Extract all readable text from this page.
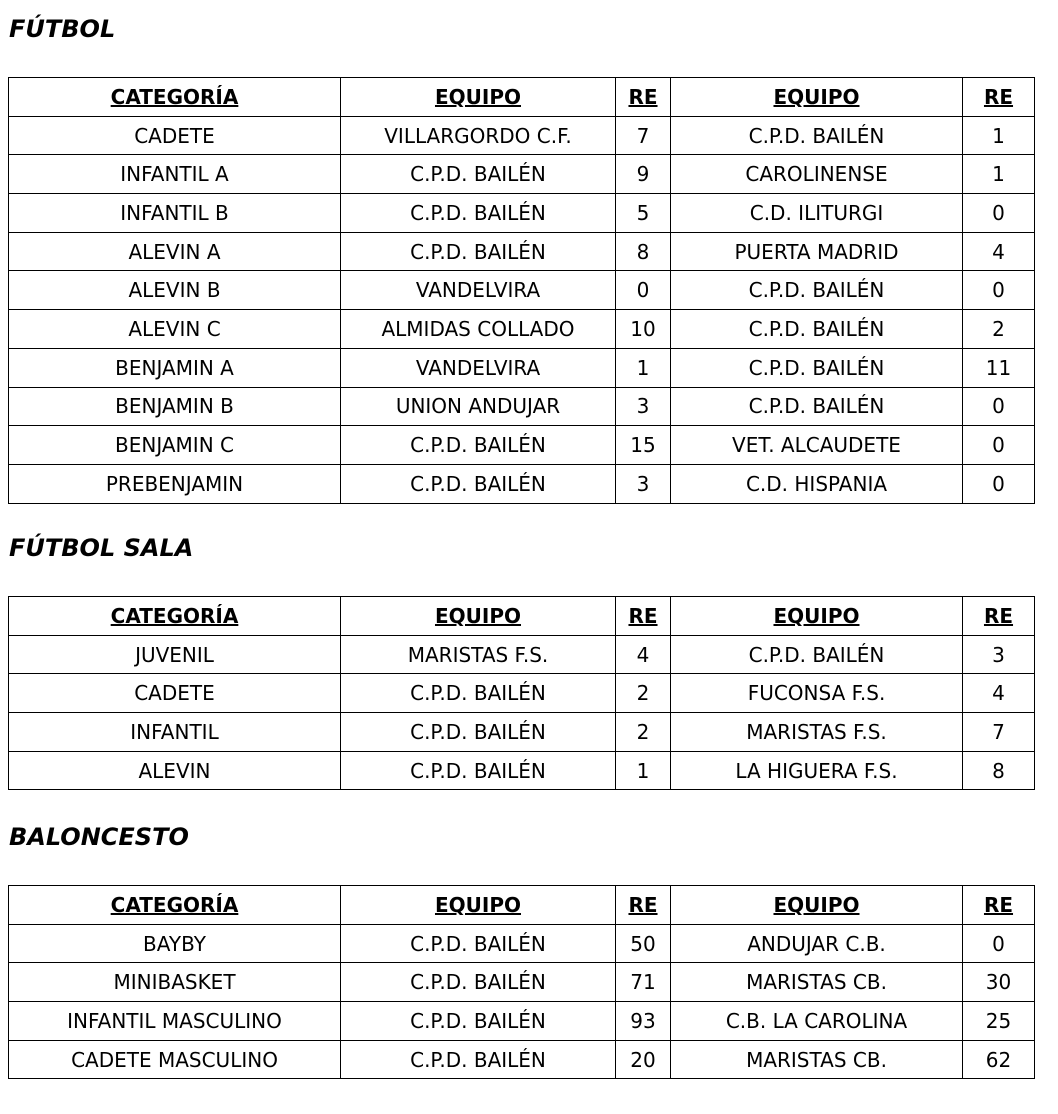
FÚTBOL
CATEGORÍA	EQUIPO	RE	EQUIPO	RE
CADETE	VILLARGORDO C.F.	7	C.P.D. BAILÉN	1
INFANTIL A	C.P.D. BAILÉN	9	CAROLINENSE	1
INFANTIL B	C.P.D. BAILÉN	5	C.D. ILITURGI	0
ALEVIN A	C.P.D. BAILÉN	8	PUERTA MADRID	4
ALEVIN B	VANDELVIRA	0	C.P.D. BAILÉN	0
ALEVIN C	ALMIDAS COLLADO	10	C.P.D. BAILÉN	2
BENJAMIN A	VANDELVIRA	1	C.P.D. BAILÉN	11
BENJAMIN B	UNION ANDUJAR	3	C.P.D. BAILÉN	0
BENJAMIN C	C.P.D. BAILÉN	15	VET. ALCAUDETE	0
PREBENJAMIN	C.P.D. BAILÉN	3	C.D. HISPANIA	0
FÚTBOL SALA
CATEGORÍA	EQUIPO	RE	EQUIPO	RE
JUVENIL	MARISTAS F.S.	4	C.P.D. BAILÉN	3
CADETE	C.P.D. BAILÉN	2	FUCONSA F.S.	4
INFANTIL	C.P.D. BAILÉN	2	MARISTAS F.S.	7
ALEVIN	C.P.D. BAILÉN	1	LA HIGUERA F.S.	8
BALONCESTO
CATEGORÍA	EQUIPO	RE	EQUIPO	RE
BAYBY	C.P.D. BAILÉN	50	ANDUJAR C.B.	0
MINIBASKET	C.P.D. BAILÉN	71	MARISTAS CB.	30
INFANTIL MASCULINO	C.P.D. BAILÉN	93	C.B. LA CAROLINA	25
CADETE MASCULINO	C.P.D. BAILÉN	20	MARISTAS CB.	62
